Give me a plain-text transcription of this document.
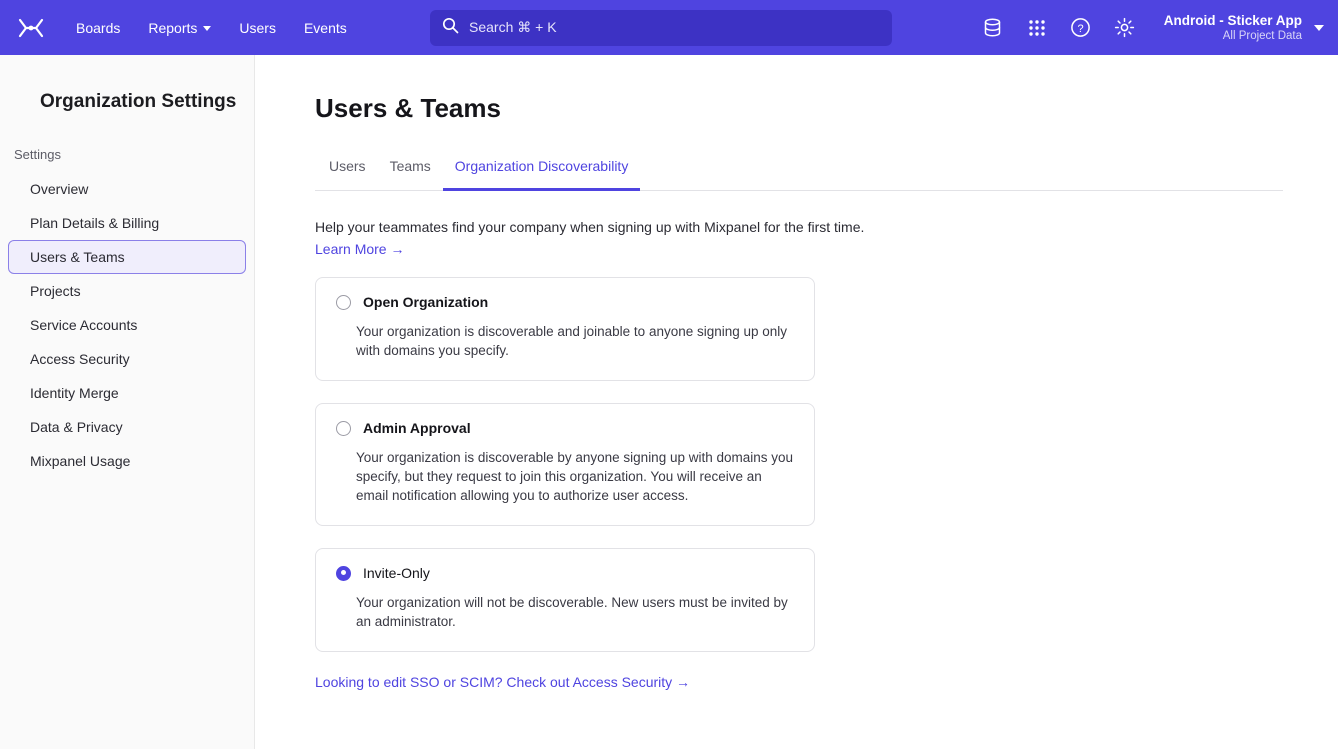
Boards Reports	Users Events	Search ⌘ + K	?
Android - Sticker App
All Project Data
Organization Settings
Settings
Overview
Plan Details & Billing
Users & Teams
Projects
Service Accounts
Access Security
Identity Merge
Data & Privacy
Mixpanel Usage
Users & Teams
Users	Teams	Organization Discoverability
Help your teammates find your company when signing up with Mixpanel for the first time.
Learn More →
Open Organization
Your organization is discoverable and joinable to anyone signing up only with domains you specify.
Admin Approval
Your organization is discoverable by anyone signing up with domains you specify, but they request to join this organization. You will receive an email notification allowing you to authorize user access.
Invite-Only
Your organization will not be discoverable. New users must be invited by an administrator.
Looking to edit SSO or SCIM? Check out Access Security →
